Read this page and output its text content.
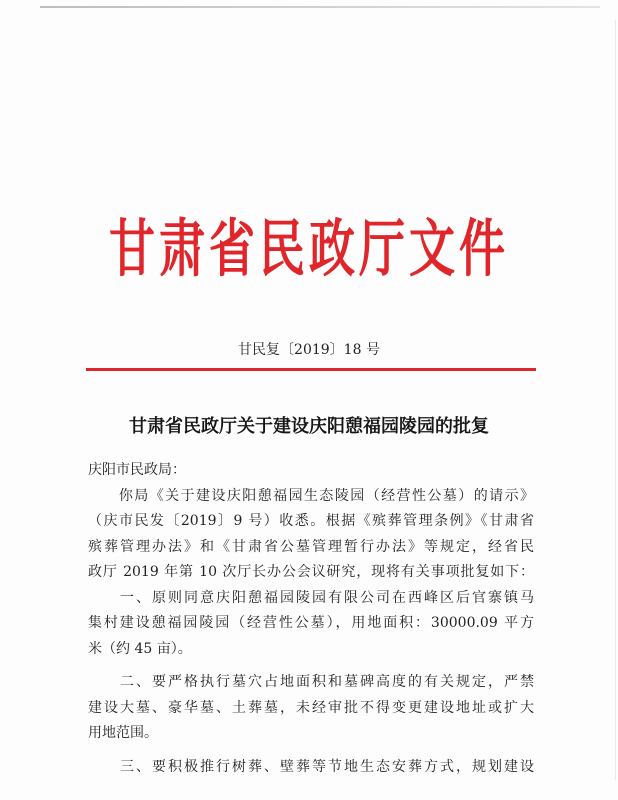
甘肃省民政厅文件
甘民复〔2019〕18 号
甘肃省民政厅关于建设庆阳憩福园陵园的批复
庆阳市民政局：
　　你局《关于建设庆阳憩福园生态陵园（经营性公墓）的请示》
（庆市民发〔2019〕9 号）收悉。根据《殡葬管理条例》《甘肃省
殡葬管理办法》和《甘肃省公墓管理暂行办法》等规定，经省民
政厅 2019 年第 10 次厅长办公会议研究，现将有关事项批复如下：
　　一、原则同意庆阳憩福园陵园有限公司在西峰区后官寨镇马
集村建设憩福园陵园（经营性公墓），用地面积：30000.09 平方
米（约 45 亩）。
　　二、要严格执行墓穴占地面积和墓碑高度的有关规定，严禁
建设大墓、豪华墓、土葬墓，未经审批不得变更建设地址或扩大
用地范围。
　　三、要积极推行树葬、壁葬等节地生态安葬方式，规划建设
